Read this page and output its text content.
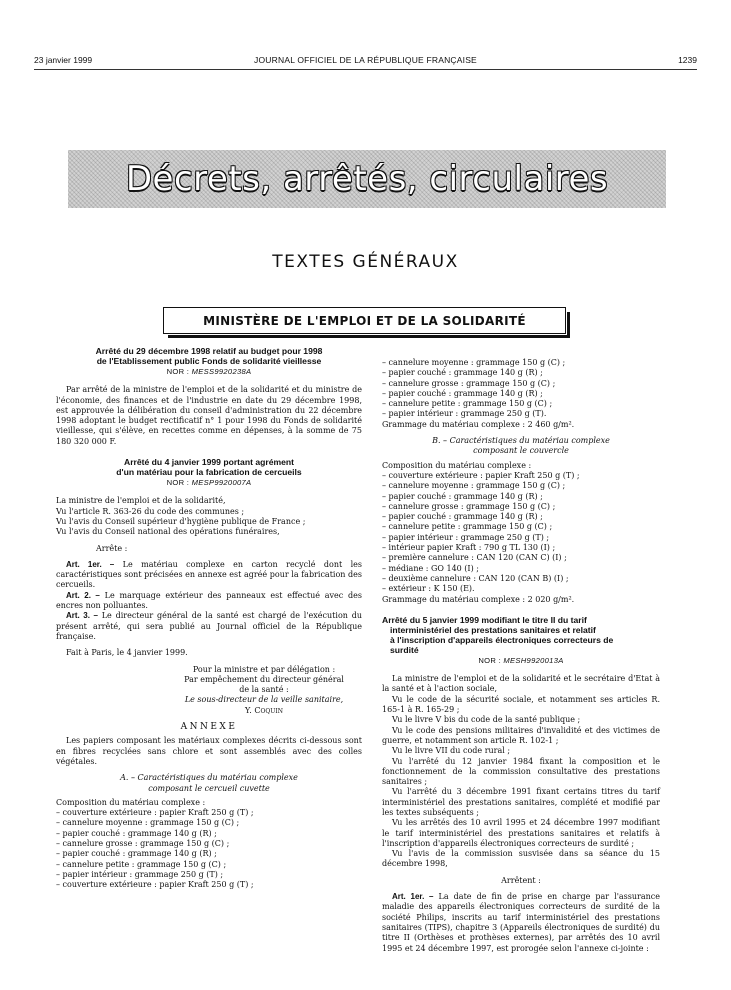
23 janvier 1999	JOURNAL OFFICIEL DE LA RÉPUBLIQUE FRANÇAISE	1239
Décrets, arrêtés, circulaires
TEXTES GÉNÉRAUX
MINISTÈRE DE L'EMPLOI ET DE LA SOLIDARITÉ
Arrêté du 29 décembre 1998 relatif au budget pour 1998
de l'Etablissement public Fonds de solidarité vieillesse
NOR : MESS9920238A
Par arrêté de la ministre de l'emploi et de la solidarité et du ministre de l'économie, des finances et de l'industrie en date du 29 décembre 1998, est approuvée la délibération du conseil d'administration du 22 décembre 1998 adoptant le budget rectificatif n° 1 pour 1998 du Fonds de solidarité vieillesse, qui s'élève, en recettes comme en dépenses, à la somme de 75 180 320 000 F.
Arrêté du 4 janvier 1999 portant agrément
d'un matériau pour la fabrication de cercueils
NOR : MESP9920007A
La ministre de l'emploi et de la solidarité,
Vu l'article R. 363-26 du code des communes ;
Vu l'avis du Conseil supérieur d'hygiène publique de France ;
Vu l'avis du Conseil national des opérations funéraires,
Arrête :
Art. 1er. – Le matériau complexe en carton recyclé dont les caractéristiques sont précisées en annexe est agréé pour la fabrication des cercueils.
Art. 2. – Le marquage extérieur des panneaux est effectué avec des encres non polluantes.
Art. 3. – Le directeur général de la santé est chargé de l'exécution du présent arrêté, qui sera publié au Journal officiel de la République française.
Fait à Paris, le 4 janvier 1999.
Pour la ministre et par délégation :
Par empêchement du directeur général
de la santé :
Le sous-directeur de la veille sanitaire,
Y. Coquin
ANNEXE
Les papiers composant les matériaux complexes décrits ci-dessous sont en fibres recyclées sans chlore et sont assemblés avec des colles végétales.
A. – Caractéristiques du matériau complexe
composant le cercueil cuvette
Composition du matériau complexe :
– couverture extérieure : papier Kraft 250 g (T) ;
– cannelure moyenne : grammage 150 g (C) ;
– papier couché : grammage 140 g (R) ;
– cannelure grosse : grammage 150 g (C) ;
– papier couché : grammage 140 g (R) ;
– cannelure petite : grammage 150 g (C) ;
– papier intérieur : grammage 250 g (T) ;
– couverture extérieure : papier Kraft 250 g (T) ;
– cannelure moyenne : grammage 150 g (C) ;
– papier couché : grammage 140 g (R) ;
– cannelure grosse : grammage 150 g (C) ;
– papier couché : grammage 140 g (R) ;
– cannelure petite : grammage 150 g (C) ;
– papier intérieur : grammage 250 g (T).
Grammage du matériau complexe : 2 460 g/m².
B. – Caractéristiques du matériau complexe
composant le couvercle
Composition du matériau complexe :
– couverture extérieure : papier Kraft 250 g (T) ;
– cannelure moyenne : grammage 150 g (C) ;
– papier couché : grammage 140 g (R) ;
– cannelure grosse : grammage 150 g (C) ;
– papier couché : grammage 140 g (R) ;
– cannelure petite : grammage 150 g (C) ;
– papier intérieur : grammage 250 g (T) ;
– intérieur papier Kraft : 790 g TL 130 (I) ;
– première cannelure : CAN 120 (CAN C) (I) ;
– médiane : GO 140 (I) ;
– deuxième cannelure : CAN 120 (CAN B) (I) ;
– extérieur : K 150 (E).
Grammage du matériau complexe : 2 020 g/m².
Arrêté du 5 janvier 1999 modifiant le titre II du tarif
interministériel des prestations sanitaires et relatif
à l'inscription d'appareils électroniques correcteurs de
surdité
NOR : MESH9920013A
La ministre de l'emploi et de la solidarité et le secrétaire d'Etat à la santé et à l'action sociale,
Vu le code de la sécurité sociale, et notamment ses articles R. 165-1 à R. 165-29 ;
Vu le livre V bis du code de la santé publique ;
Vu le code des pensions militaires d'invalidité et des victimes de guerre, et notamment son article R. 102-1 ;
Vu le livre VII du code rural ;
Vu l'arrêté du 12 janvier 1984 fixant la composition et le fonctionnement de la commission consultative des prestations sanitaires ;
Vu l'arrêté du 3 décembre 1991 fixant certains titres du tarif interministériel des prestations sanitaires, complété et modifié par les textes subséquents ;
Vu les arrêtés des 10 avril 1995 et 24 décembre 1997 modifiant le tarif interministériel des prestations sanitaires et relatifs à l'inscription d'appareils électroniques correcteurs de surdité ;
Vu l'avis de la commission susvisée dans sa séance du 15 décembre 1998,
Arrêtent :
Art. 1er. – La date de fin de prise en charge par l'assurance maladie des appareils électroniques correcteurs de surdité de la société Philips, inscrits au tarif interministériel des prestations sanitaires (TIPS), chapitre 3 (Appareils électroniques de surdité) du titre II (Orthèses et prothèses externes), par arrêtés des 10 avril 1995 et 24 décembre 1997, est prorogée selon l'annexe ci-jointe :
